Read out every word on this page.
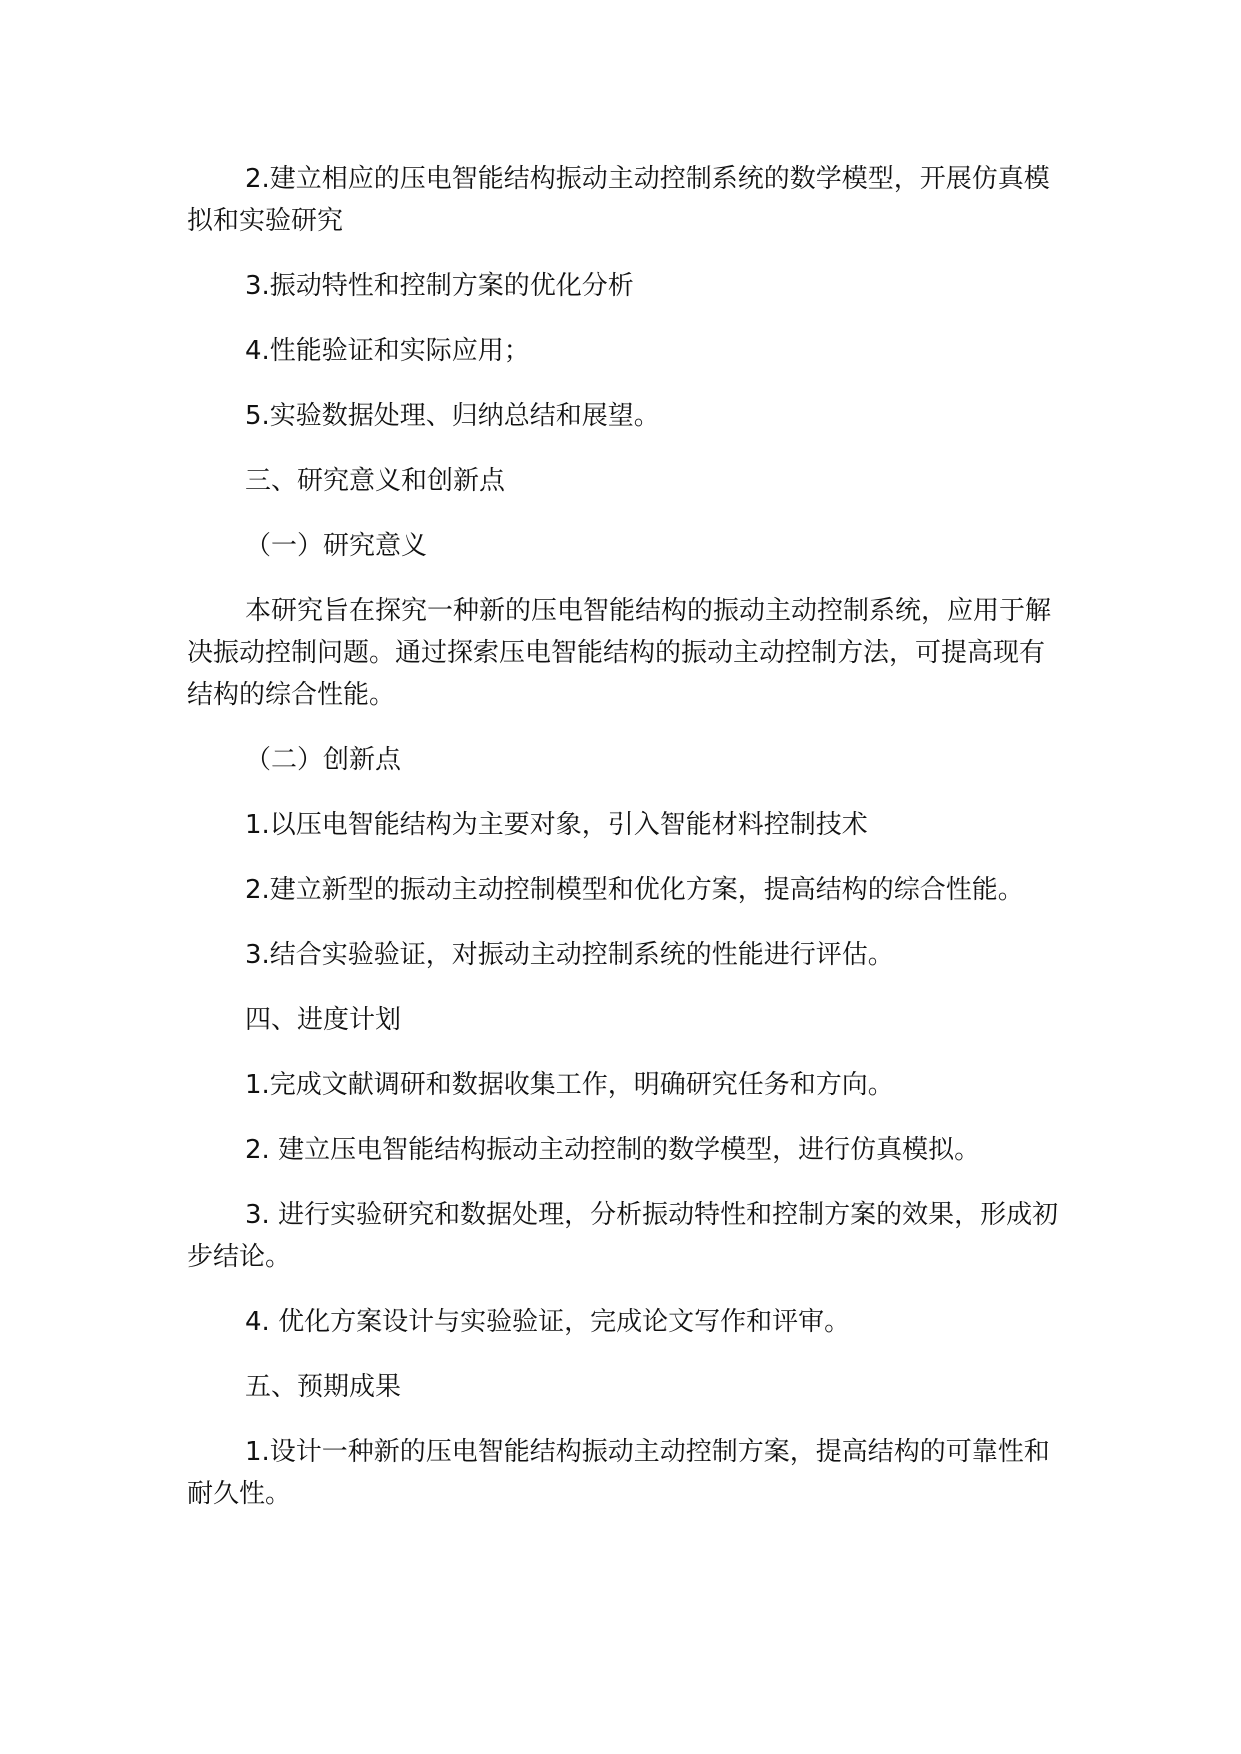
2.建立相应的压电智能结构振动主动控制系统的数学模型，开展仿真模拟和实验研究

3.振动特性和控制方案的优化分析

4.性能验证和实际应用；

5.实验数据处理、归纳总结和展望。

三、研究意义和创新点

（一）研究意义

本研究旨在探究一种新的压电智能结构的振动主动控制系统，应用于解决振动控制问题。通过探索压电智能结构的振动主动控制方法，可提高现有结构的综合性能。

（二）创新点

1.以压电智能结构为主要对象，引入智能材料控制技术

2.建立新型的振动主动控制模型和优化方案，提高结构的综合性能。

3.结合实验验证，对振动主动控制系统的性能进行评估。

四、进度计划

1.完成文献调研和数据收集工作，明确研究任务和方向。

2. 建立压电智能结构振动主动控制的数学模型，进行仿真模拟。

3. 进行实验研究和数据处理，分析振动特性和控制方案的效果，形成初步结论。

4. 优化方案设计与实验验证，完成论文写作和评审。

五、预期成果

1.设计一种新的压电智能结构振动主动控制方案，提高结构的可靠性和耐久性。
